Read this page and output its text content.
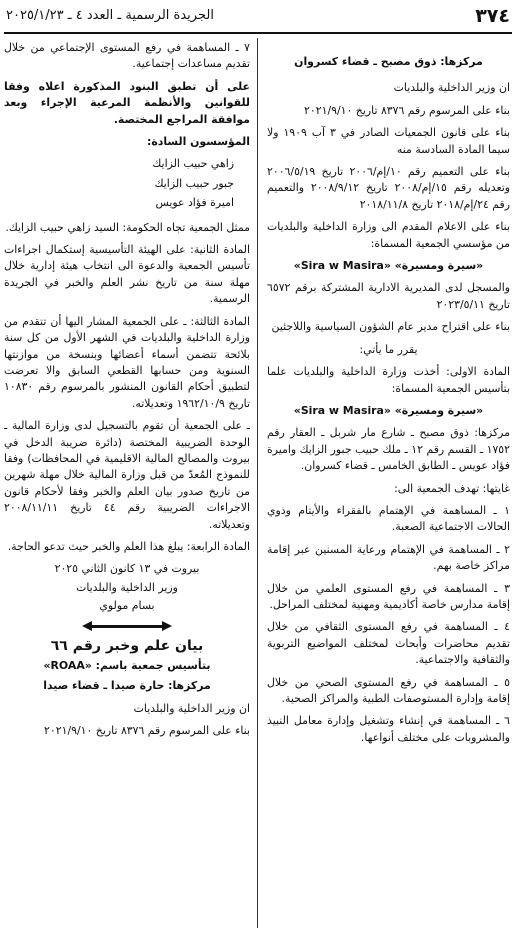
٣٧٤
الجريدة الرسمية ـ العدد ٤ ـ ٢٠٢٥/١/٢٣

مركزها: ذوق مصبح ـ قضاء كسروان

ان وزير الداخلية والبلديات

بناء على المرسوم رقم ٨٣٧٦ تاريخ ٢٠٢١/٩/١٠

بناء على قانون الجمعيات الصادر في ٣ آب ١٩٠٩ ولا سيما المادة السادسة منه

بناء على التعميم رقم ١٠/إم/٢٠٠٦ تاريخ ٢٠٠٦/٥/١٩ وتعديله رقم ١٥/إم/٢٠٠٨ تاريخ ٢٠٠٨/٩/١٢ والتعميم رقم ٢٤/إم/٢٠١٨ تاريخ ٢٠١٨/١١/٨

بناء على الاعلام المقدم الى وزارة الداخلية والبلديات من مؤسسي الجمعية المسماة:

«سيرة ومسيرة» «Sira w Masira»

والمسجل لدى المديرية الادارية المشتركة برقم ٦٥٧٢ تاريخ ٢٠٢٣/٥/١١

بناء على اقتراح مدير عام الشؤون السياسية واللاجئين

يقرر ما يأتي:

المادة الاولى: أخذت وزارة الداخلية والبلديات علما بتأسيس الجمعية المسماة:

«سيرة ومسيرة» «Sira w Masira»

مركزها: ذوق مصبح ـ شارع مار شربل ـ العقار رقم ١٧٥٢ ـ القسم رقم ١٢ ـ ملك حبيب جبور الزايك واميرة فؤاد عويس ـ الطابق الخامس ـ قضاء كسروان.

غايتها: تهدف الجمعية الى:

١ ـ المساهمة في الإهتمام بالفقراء والأيتام وذوي الحالات الاجتماعية الصعبة.

٢ ـ المساهمة في الإهتمام ورعاية المسنين عبر إقامة مراكز خاصة بهم.

٣ ـ المساهمة في رفع المستوى العلمي من خلال إقامة مدارس خاصة أكاديمية ومهنية لمختلف المراحل.

٤ ـ المساهمة في رفع المستوى الثقافي من خلال تقديم محاضرات وأبحاث لمختلف المواضيع التربوية والثقافية والاجتماعية.

٥ ـ المساهمة في رفع المستوى الصحي من خلال إقامة وإدارة المستوصفات الطبية والمراكز الصحية.

٦ ـ المساهمة في إنشاء وتشغيل وإدارة معامل النبيذ والمشروبات على مختلف أنواعها.

٧ ـ المساهمة في رفع المستوى الإجتماعي من خلال تقديم مساعدات إجتماعية.

على أن تطبق البنود المذكورة اعلاه وفقا للقوانين والأنظمة المرعية الإجراء وبعد موافقة المراجع المختصة.

المؤسسون السادة:

زاهي حبيب الزايك

جبور حبيب الزايك

اميرة فؤاد عويس

ممثل الجمعية تجاه الحكومة: السيد زاهي حبيب الزايك.

المادة الثانية: على الهيئة التأسيسية إستكمال اجراءات تأسيس الجمعية والدعوة الى انتخاب هيئة إدارية خلال مهلة سنة من تاريخ نشر العلم والخبر في الجريدة الرسمية.

المادة الثالثة: ـ على الجمعية المشار اليها أن تتقدم من وزارة الداخلية والبلديات في الشهر الأول من كل سنة بلائحة تتضمن أسماء أعضائها وبنسخة من موازنتها السنوية ومن حسابها القطعي السابق والا تعرضت لتطبيق أحكام القانون المنشور بالمرسوم رقم ١٠٨٣٠ تاريخ ١٩٦٢/١٠/٩ وتعديلاته.

ـ على الجمعية أن تقوم بالتسجيل لدى وزارة المالية ـ الوحدة الضريبية المختصة (دائرة ضريبة الدخل في بيروت والمصالح المالية الاقليمية في المحافظات) وفقا للنموذج المُعدّ من قبل وزارة المالية خلال مهلة شهرين من تاريخ صدور بيان العلم والخبر وفقا لأحكام قانون الاجراءات الضريبية رقم ٤٤ تاريخ ٢٠٠٨/١١/١١ وتعديلاته.

المادة الرابعة: يبلغ هذا العلم والخبر حيث تدعو الحاجة.

بيروت في ١٣ كانون الثاني ٢٠٢٥

وزير الداخلية والبلديات

بسام مولوي

بيان علم وخبر رقم ٦٦

بتأسيس جمعية باسم: «ROAA»

مركزها: حارة صيدا ـ قضاء صيدا

ان وزير الداخلية والبلديات

بناء على المرسوم رقم ٨٣٧٦ تاريخ ٢٠٢١/٩/١٠
